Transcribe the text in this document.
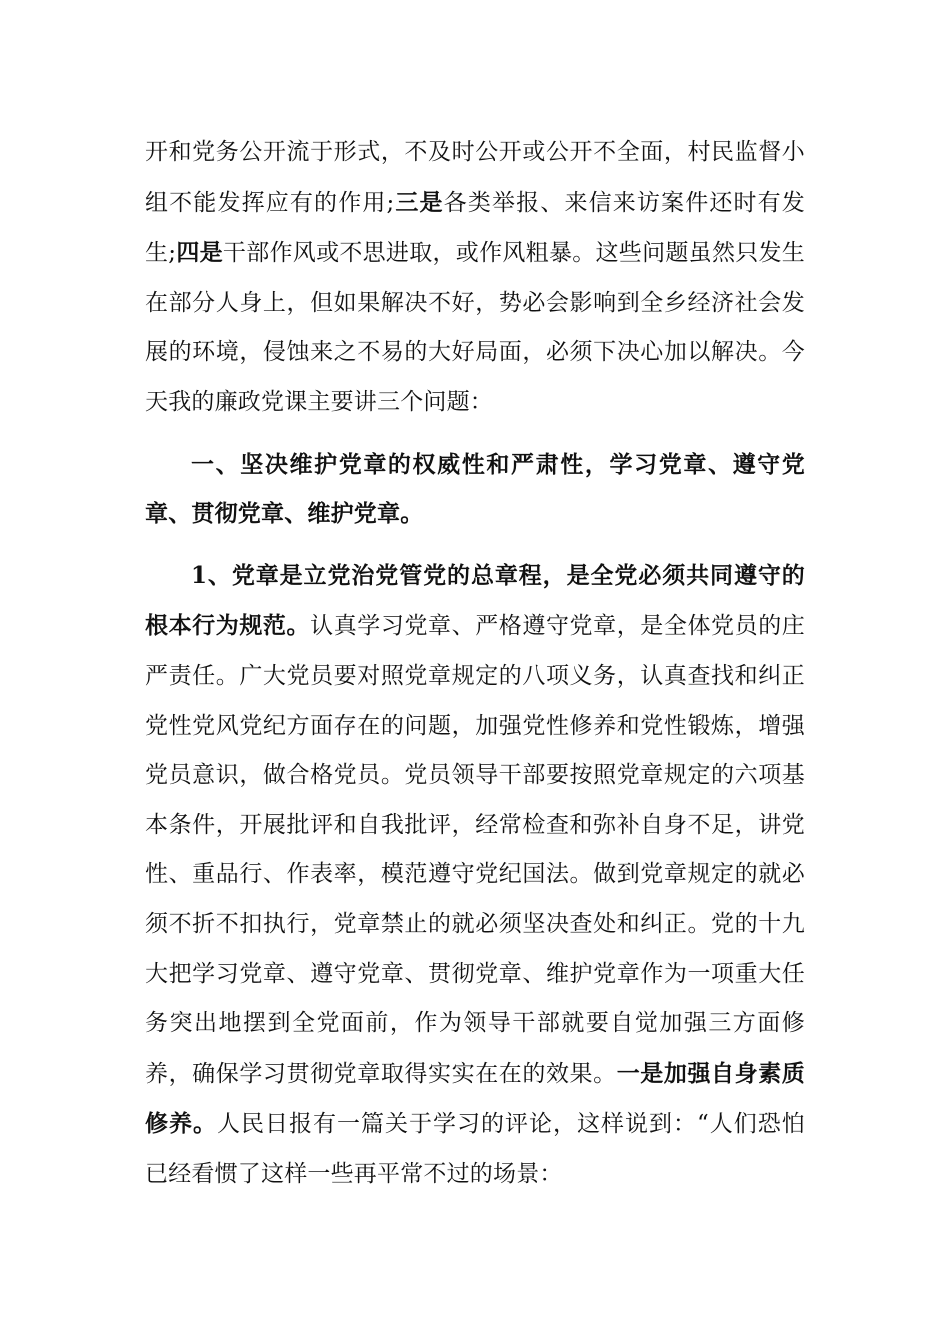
开和党务公开流于形式，不及时公开或公开不全面，村民监督小组不能发挥应有的作用;三是各类举报、来信来访案件还时有发生;四是干部作风或不思进取，或作风粗暴。这些问题虽然只发生在部分人身上，但如果解决不好，势必会影响到全乡经济社会发展的环境，侵蚀来之不易的大好局面，必须下决心加以解决。今天我的廉政党课主要讲三个问题：

一、坚决维护党章的权威性和严肃性，学习党章、遵守党章、贯彻党章、维护党章。

1、党章是立党治党管党的总章程，是全党必须共同遵守的根本行为规范。认真学习党章、严格遵守党章，是全体党员的庄严责任。广大党员要对照党章规定的八项义务，认真查找和纠正党性党风党纪方面存在的问题，加强党性修养和党性锻炼，增强党员意识，做合格党员。党员领导干部要按照党章规定的六项基本条件，开展批评和自我批评，经常检查和弥补自身不足，讲党性、重品行、作表率，模范遵守党纪国法。做到党章规定的就必须不折不扣执行，党章禁止的就必须坚决查处和纠正。党的十九大把学习党章、遵守党章、贯彻党章、维护党章作为一项重大任务突出地摆到全党面前，作为领导干部就要自觉加强三方面修养，确保学习贯彻党章取得实实在在的效果。一是加强自身素质修养。人民日报有一篇关于学习的评论，这样说到：“人们恐怕已经看惯了这样一些再平常不过的场景：
